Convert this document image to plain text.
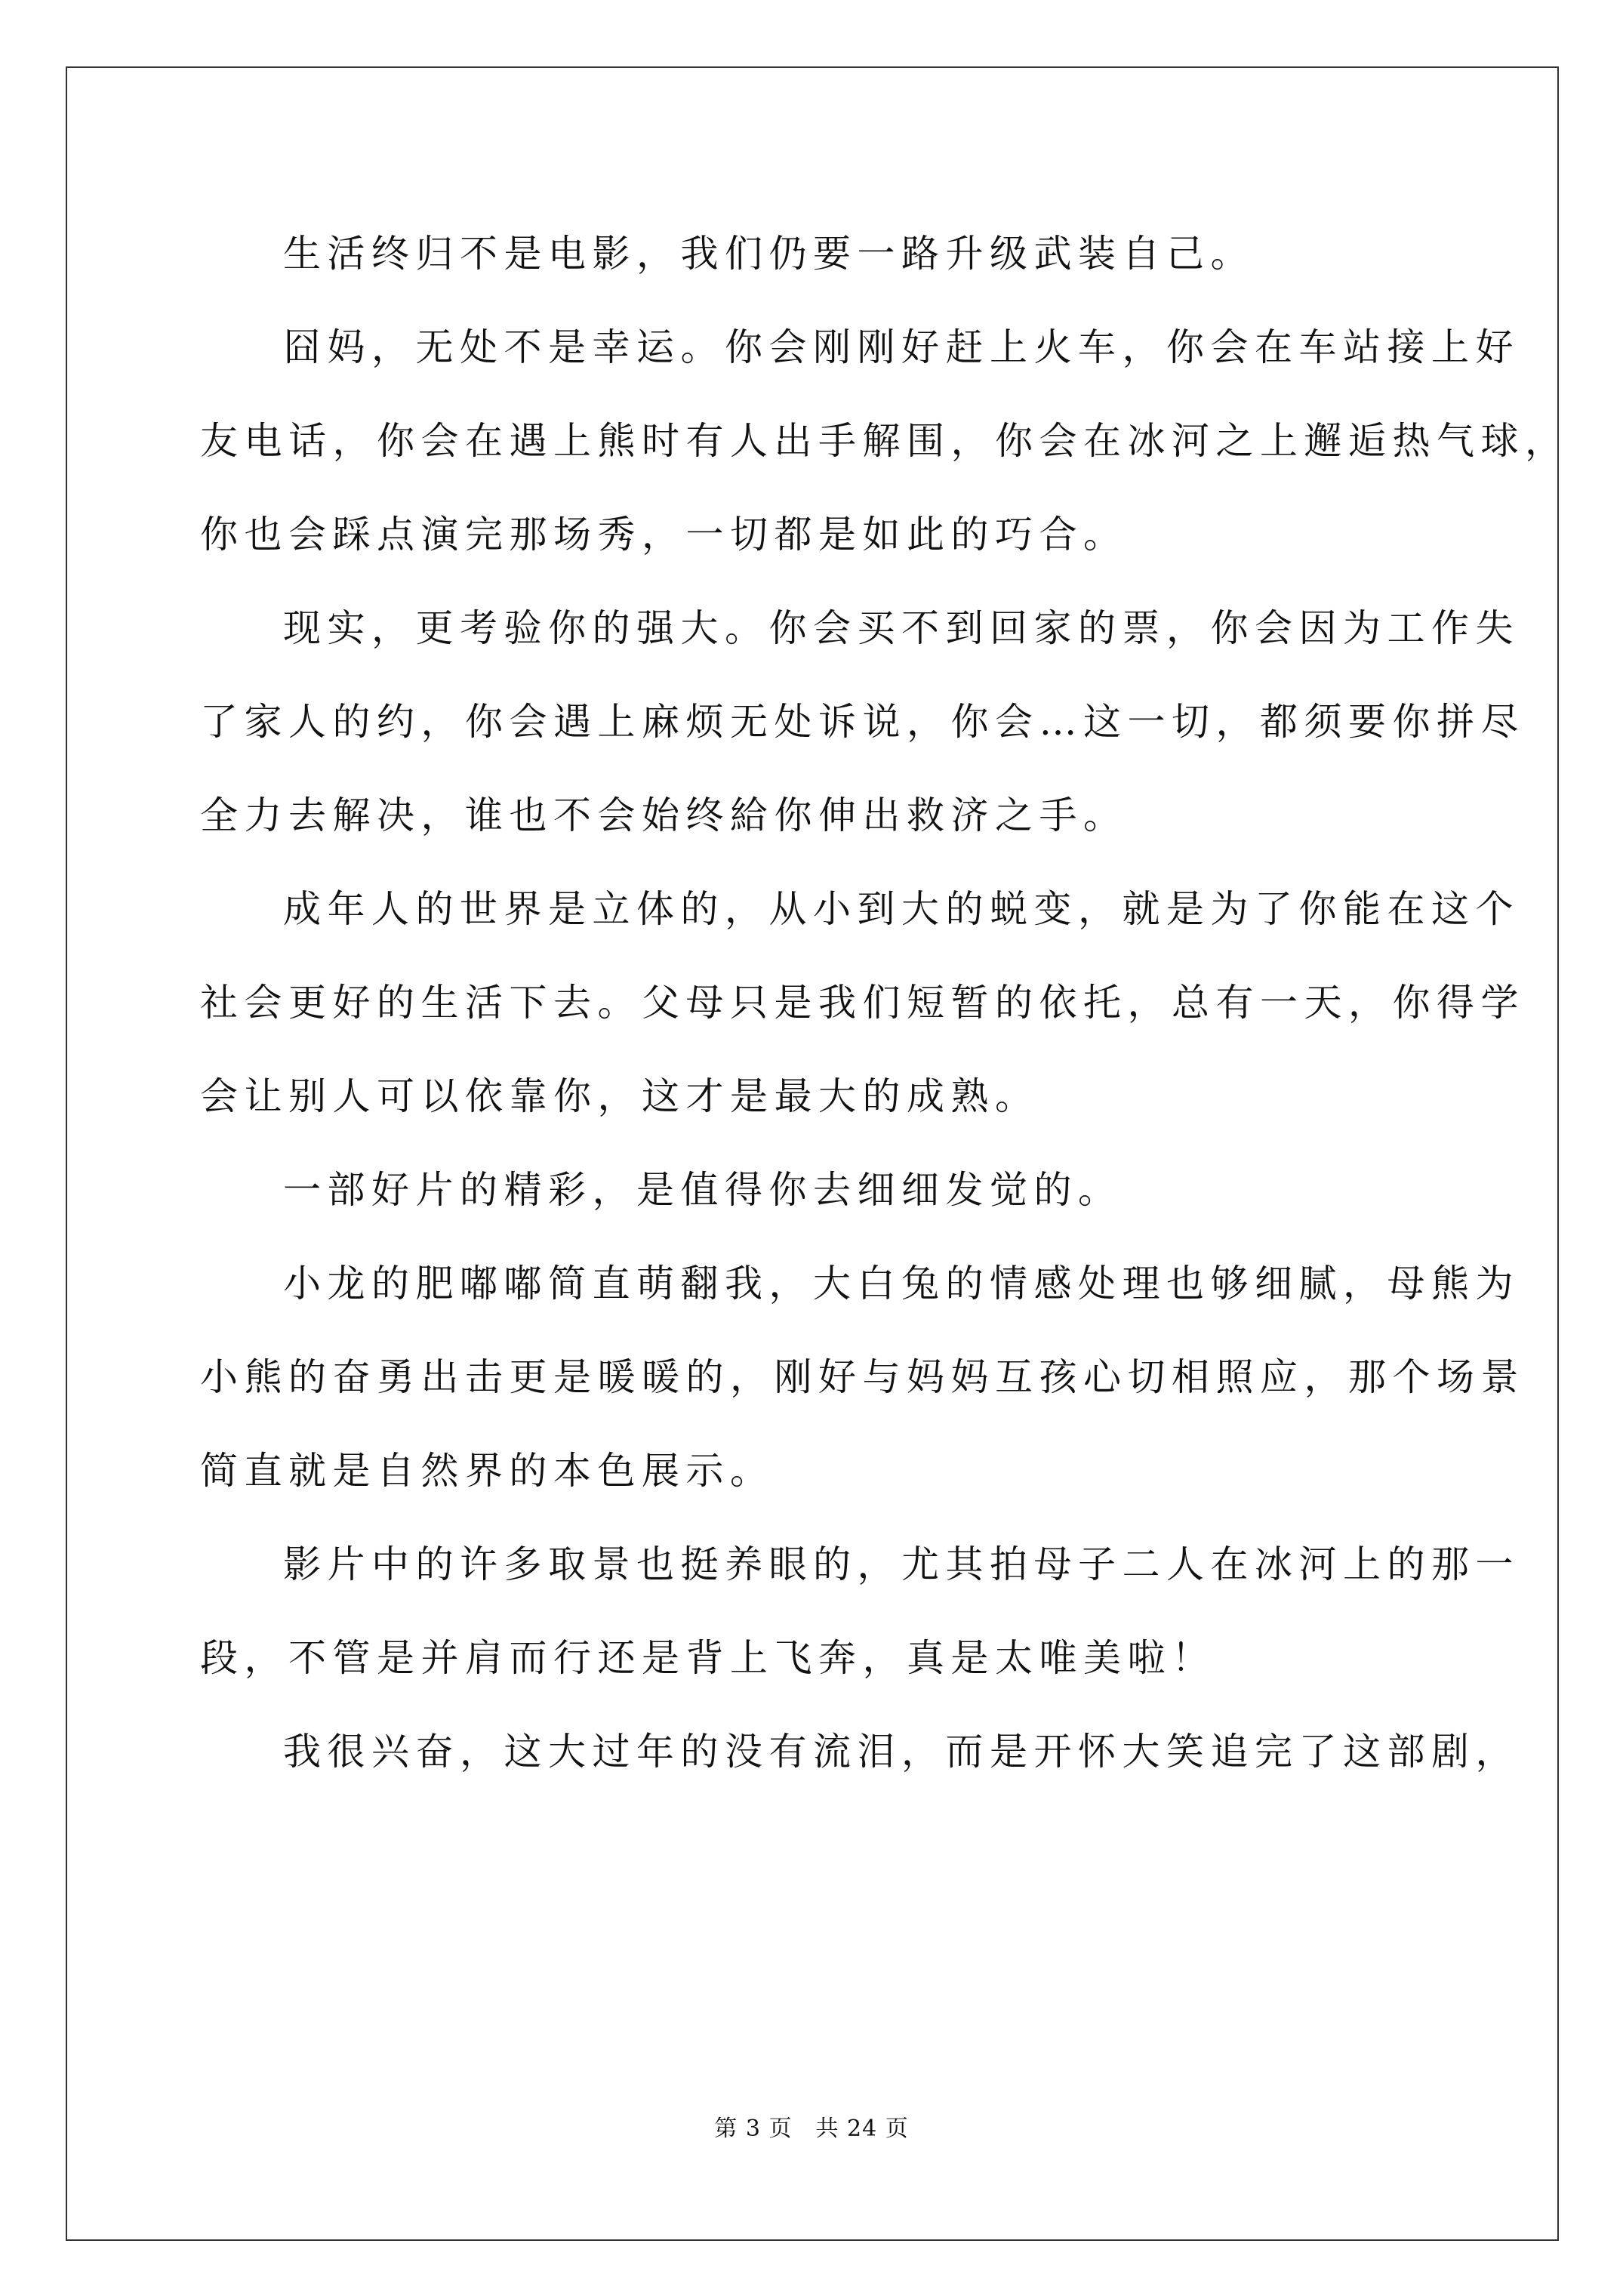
生活终归不是电影，我们仍要一路升级武装自己。
囧妈，无处不是幸运。你会刚刚好赶上火车，你会在车站接上好
友电话，你会在遇上熊时有人出手解围，你会在冰河之上邂逅热气球，
你也会踩点演完那场秀，一切都是如此的巧合。
现实，更考验你的强大。你会买不到回家的票，你会因为工作失
了家人的约，你会遇上麻烦无处诉说，你会…这一切，都须要你拼尽
全力去解决，谁也不会始终給你伸出救济之手。
成年人的世界是立体的，从小到大的蜕变，就是为了你能在这个
社会更好的生活下去。父母只是我们短暂的依托，总有一天，你得学
会让别人可以依靠你，这才是最大的成熟。
一部好片的精彩，是值得你去细细发觉的。
小龙的肥嘟嘟简直萌翻我，大白兔的情感处理也够细腻，母熊为
小熊的奋勇出击更是暖暖的，刚好与妈妈互孩心切相照应，那个场景
简直就是自然界的本色展示。
影片中的许多取景也挺养眼的，尤其拍母子二人在冰河上的那一
段，不管是并肩而行还是背上飞奔，真是太唯美啦！
我很兴奋，这大过年的没有流泪，而是开怀大笑追完了这部剧，
第 3 页　共 24 页
